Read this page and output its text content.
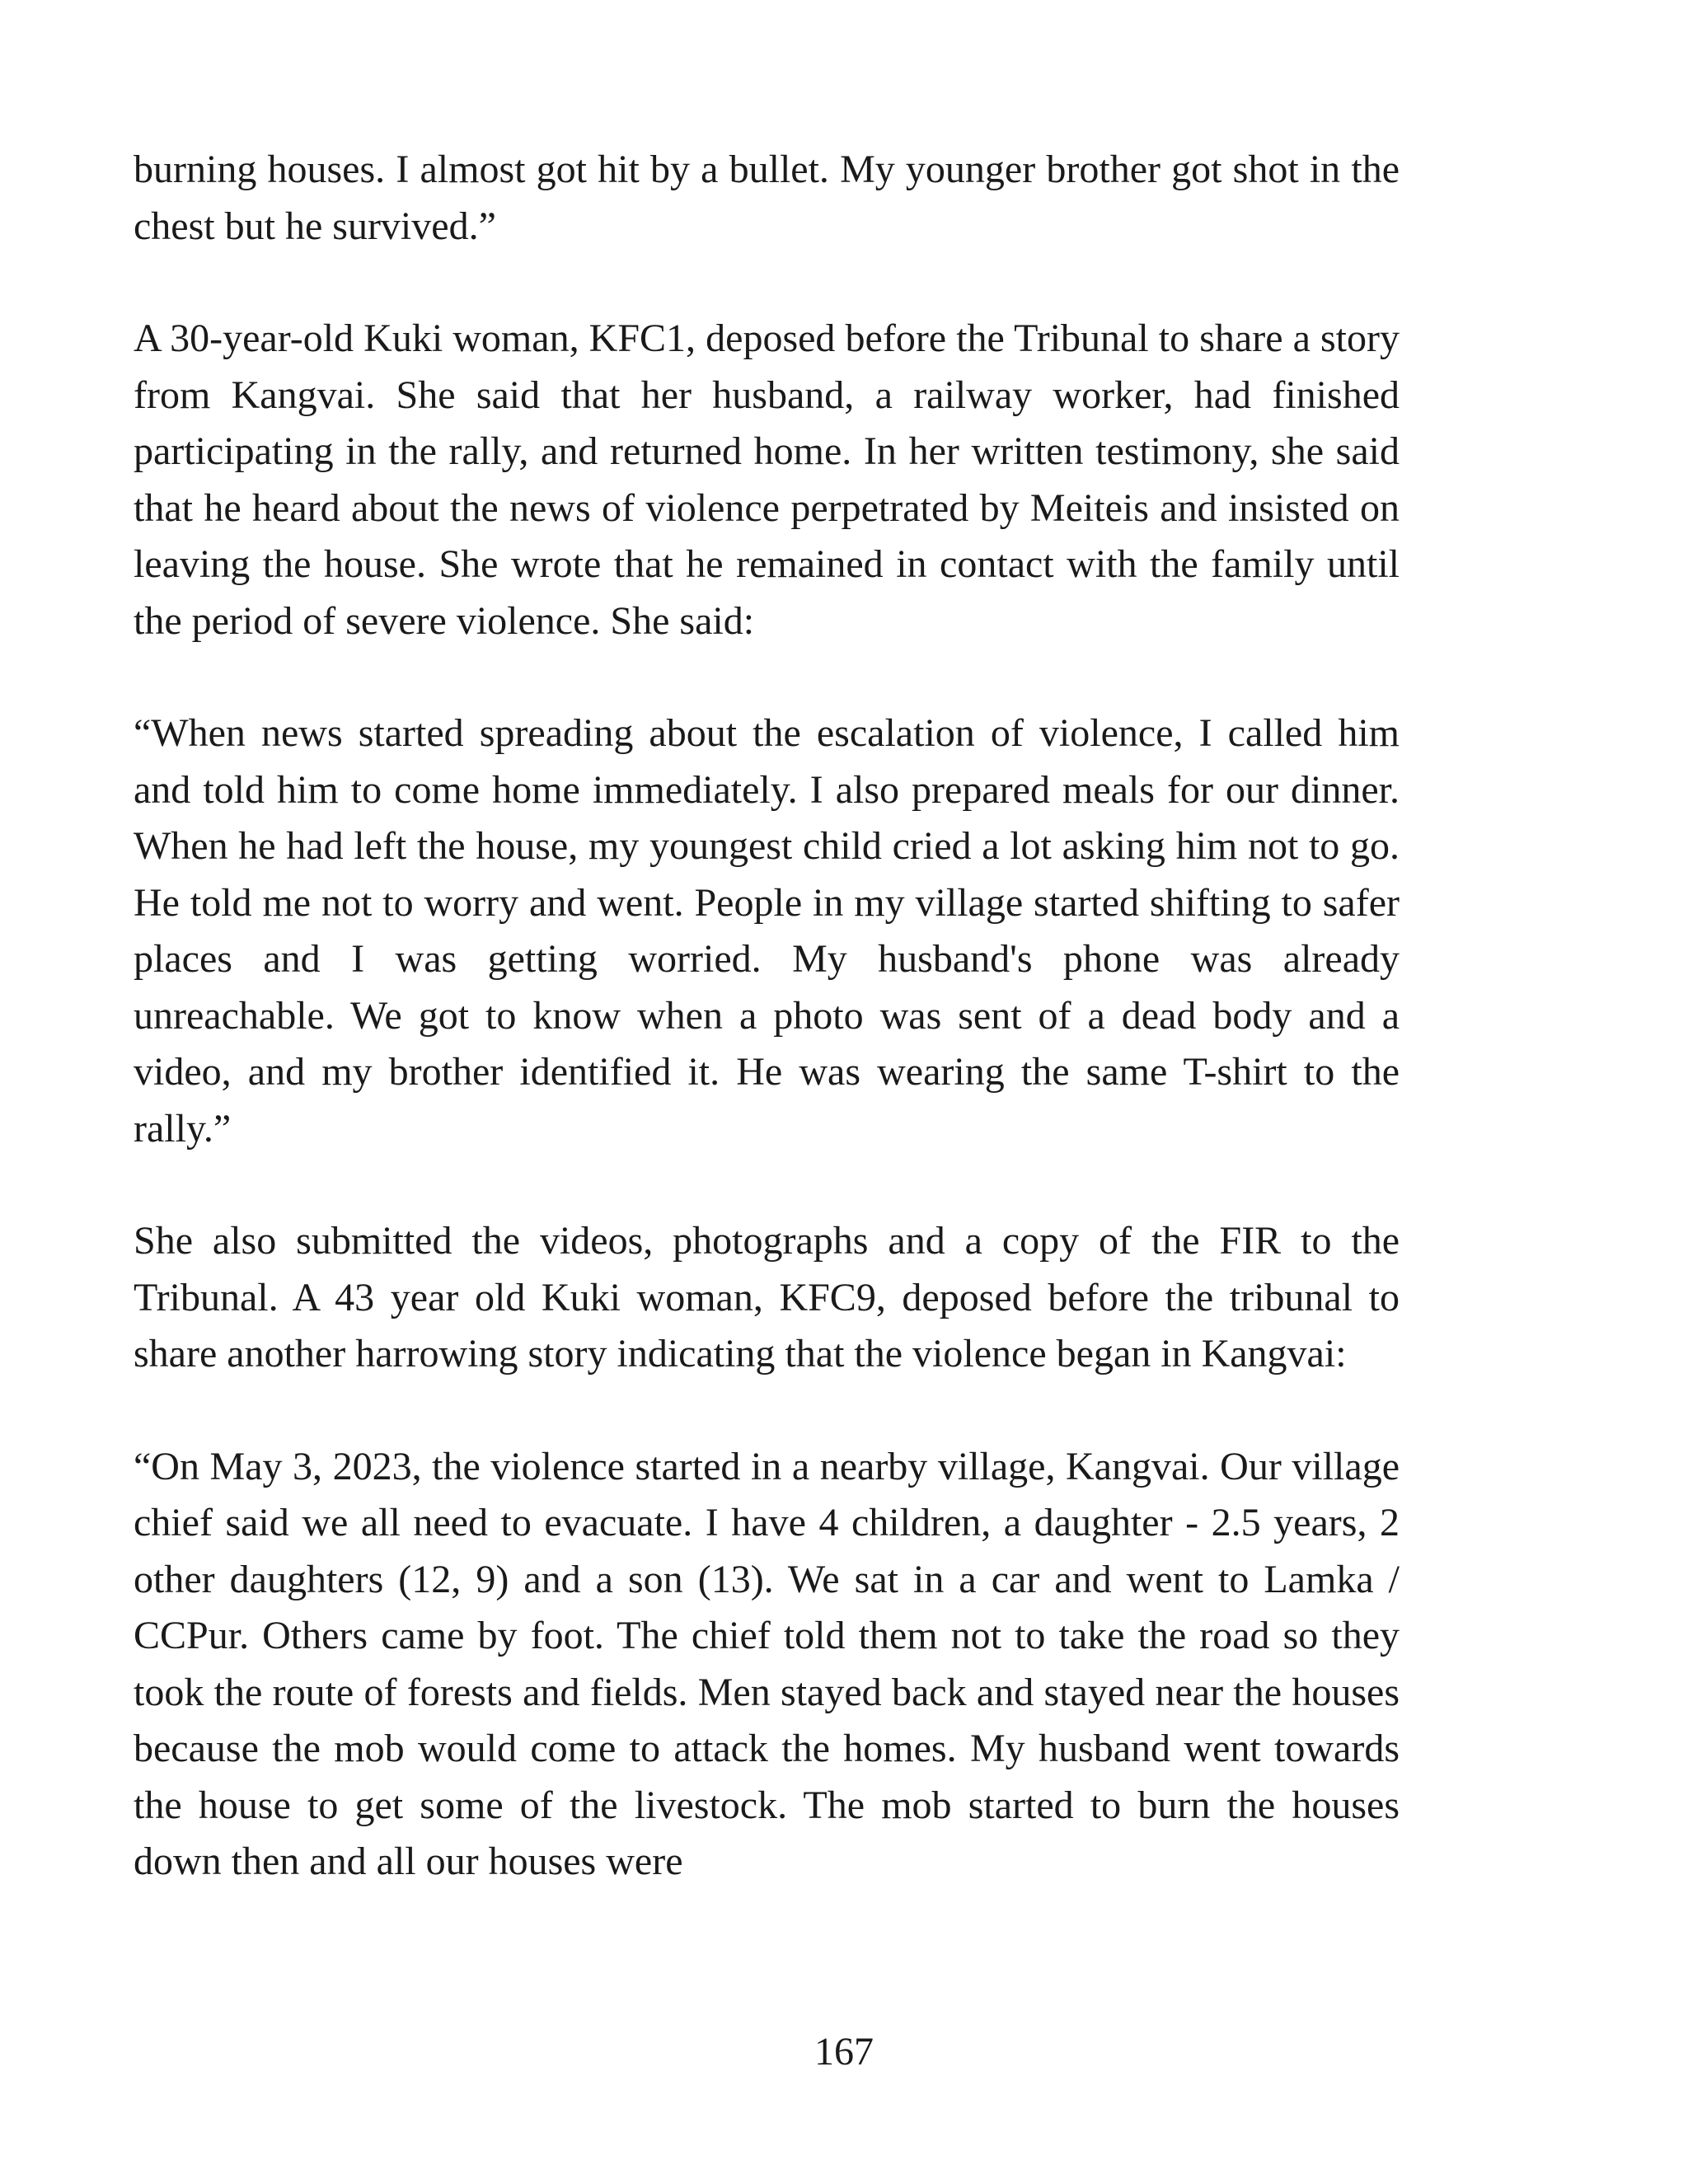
burning houses. I almost got hit by a bullet. My younger brother got shot in the chest but he survived.”

A 30-year-old Kuki woman, KFC1, deposed before the Tribunal to share a story from Kangvai. She said that her husband, a railway worker, had finished participating in the rally, and returned home. In her written testimony, she said that he heard about the news of violence perpetrated by Meiteis and insisted on leaving the house. She wrote that he remained in contact with the family until the period of severe violence. She said:

“When news started spreading about the escalation of violence, I called him and told him to come home immediately. I also prepared meals for our dinner. When he had left the house, my youngest child cried a lot asking him not to go. He told me not to worry and went. People in my village started shifting to safer places and I was getting worried. My husband's phone was already unreachable. We got to know when a photo was sent of a dead body and a video, and my brother identified it. He was wearing the same T-shirt to the rally.”

She also submitted the videos, photographs and a copy of the FIR to the Tribunal. A 43 year old Kuki woman, KFC9, deposed before the tribunal to share another harrowing story indicating that the violence began in Kangvai:

“On May 3, 2023, the violence started in a nearby village, Kangvai. Our village chief said we all need to evacuate. I have 4 children, a daughter - 2.5 years, 2 other daughters (12, 9) and a son (13). We sat in a car and went to Lamka / CCPur. Others came by foot. The chief told them not to take the road so they took the route of forests and fields. Men stayed back and stayed near the houses because the mob would come to attack the homes. My husband went towards the house to get some of the livestock. The mob started to burn the houses down then and all our houses were

167
